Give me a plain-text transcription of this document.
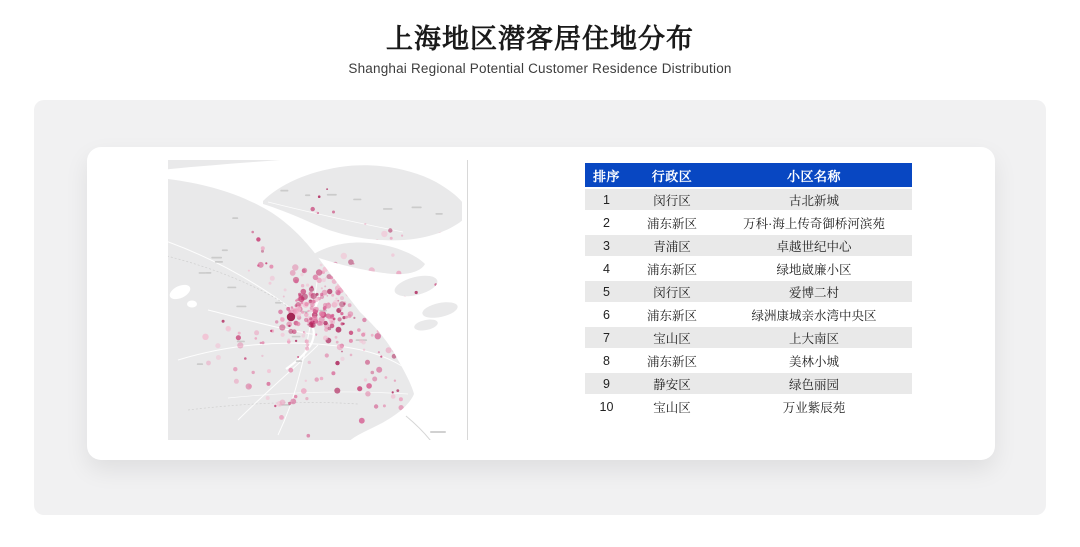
上海地区潜客居住地分布

Shanghai Regional Potential Customer Residence Distribution

排序	行政区	小区名称
1	闵行区	古北新城
2	浦东新区	万科·海上传奇御桥河滨苑
3	青浦区	卓越世纪中心
4	浦东新区	绿地崴廉小区
5	闵行区	爱博二村
6	浦东新区	绿洲康城亲水湾中央区
7	宝山区	上大南区
8	浦东新区	美林小城
9	静安区	绿色丽园
10	宝山区	万业紫辰苑
